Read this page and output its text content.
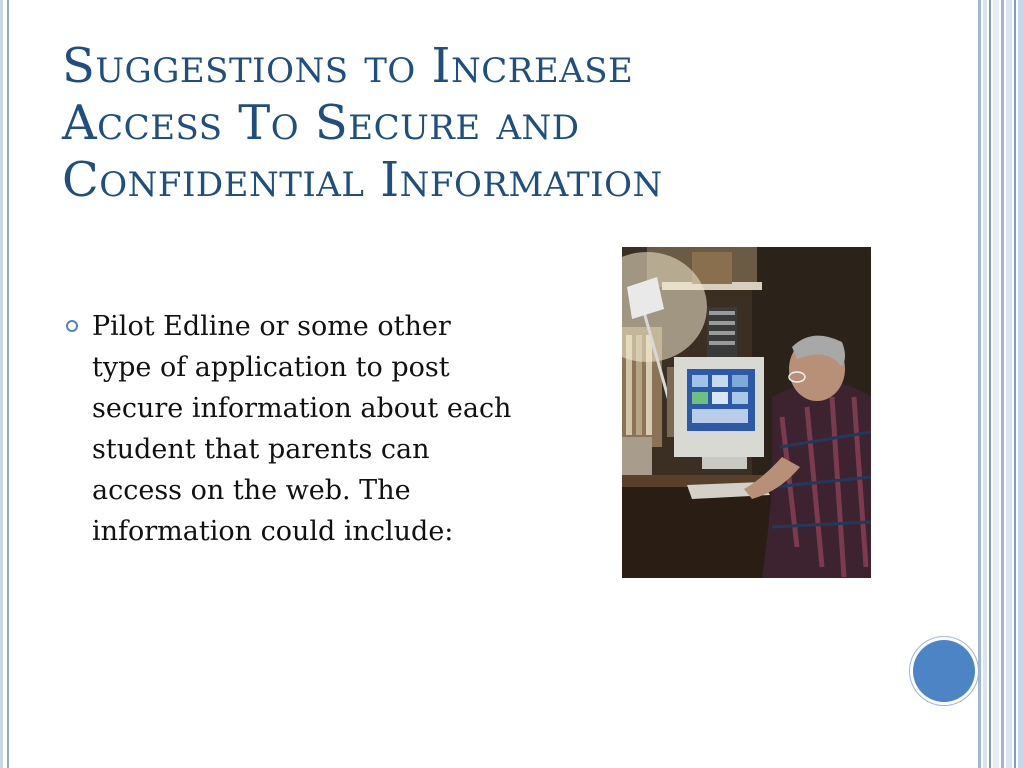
Suggestions to Increase
Access To Secure and
Confidential Information
Pilot Edline or some other
type of application to post
secure information about each
student that parents can
access on the web. The
information could include:
